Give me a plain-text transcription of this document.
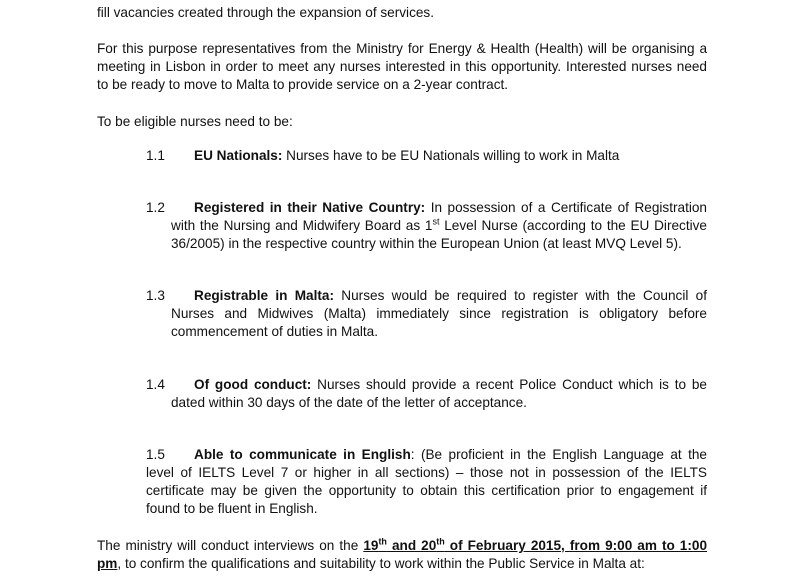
fill vacancies created through the expansion of services.

For this purpose representatives from the Ministry for Energy & Health (Health) will be organising a meeting in Lisbon in order to meet any nurses interested in this opportunity. Interested nurses need to be ready to move to Malta to provide service on a 2-year contract.

To be eligible nurses need to be:

1.1 EU Nationals: Nurses have to be EU Nationals willing to work in Malta
1.2	Registered in their Native Country: In possession of a Certificate of Registration with the Nursing and Midwifery Board as 1st Level Nurse (according to the EU Directive 36/2005) in the respective country within the European Union (at least MVQ Level 5).
1.3	Registrable in Malta: Nurses would be required to register with the Council of Nurses and Midwives (Malta) immediately since registration is obligatory before commencement of duties in Malta.
1.4	Of good conduct: Nurses should provide a recent Police Conduct which is to be dated within 30 days of the date of the letter of acceptance.
1.5	Able to communicate in English: (Be proficient in the English Language at the level of IELTS Level 7 or higher in all sections) – those not in possession of the IELTS certificate may be given the opportunity to obtain this certification prior to engagement if found to be fluent in English.

The ministry will conduct interviews on the 19th and 20th of February 2015, from 9:00 am to 1:00 pm, to confirm the qualifications and suitability to work within the Public Service in Malta at:
